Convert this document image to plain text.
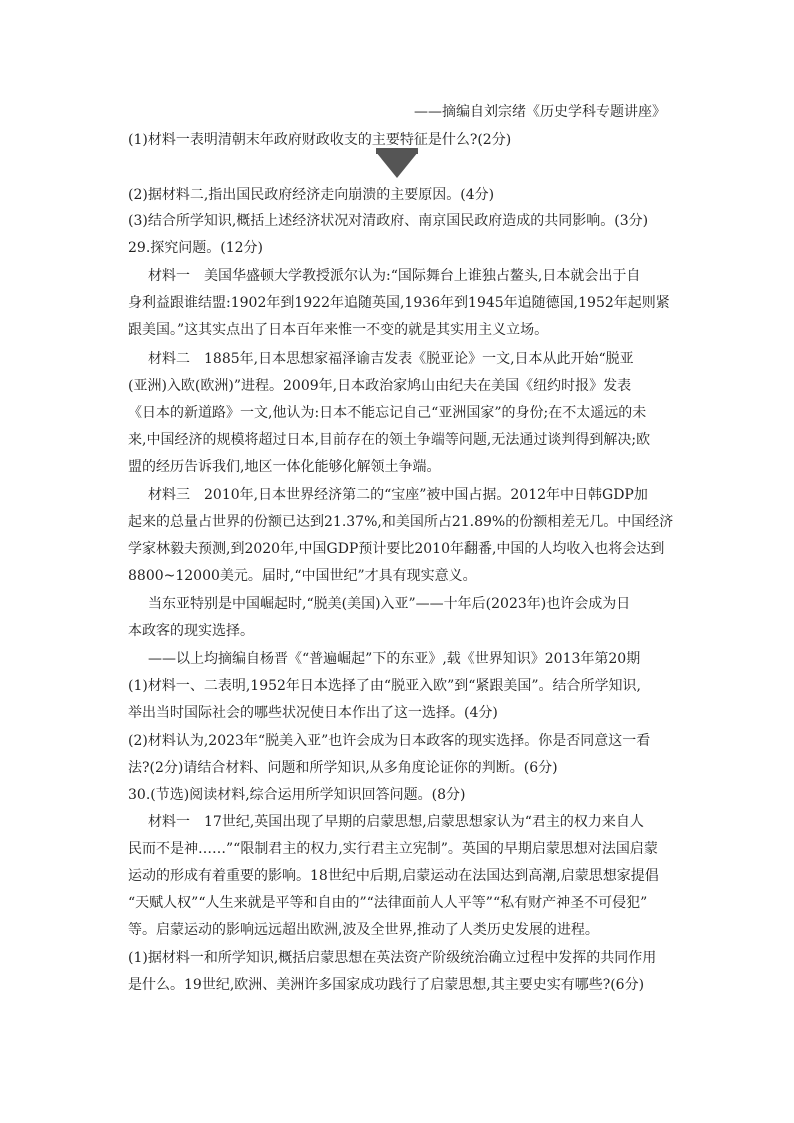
——摘编自刘宗绪《历史学科专题讲座》
(1)材料一表明清朝末年政府财政收支的主要特征是什么?(2分)
(2)据材料二,指出国民政府经济走向崩溃的主要原因。(4分)
(3)结合所学知识,概括上述经济状况对清政府、南京国民政府造成的共同影响。(3分)
29.探究问题。(12分)
材料一　美国华盛顿大学教授派尔认为:“国际舞台上谁独占鳌头,日本就会出于自
身利益跟谁结盟:1902年到1922年追随英国,1936年到1945年追随德国,1952年起则紧
跟美国。”这其实点出了日本百年来惟一不变的就是其实用主义立场。
材料二　1885年,日本思想家福泽谕吉发表《脱亚论》一文,日本从此开始“脱亚
(亚洲)入欧(欧洲)”进程。2009年,日本政治家鸠山由纪夫在美国《纽约时报》发表
《日本的新道路》一文,他认为:日本不能忘记自己“亚洲国家”的身份;在不太遥远的未
来,中国经济的规模将超过日本,目前存在的领土争端等问题,无法通过谈判得到解决;欧
盟的经历告诉我们,地区一体化能够化解领土争端。
材料三　2010年,日本世界经济第二的“宝座”被中国占据。2012年中日韩GDP加
起来的总量占世界的份额已达到21.37%,和美国所占21.89%的份额相差无几。中国经济
学家林毅夫预测,到2020年,中国GDP预计要比2010年翻番,中国的人均收入也将会达到
8800~12000美元。届时,“中国世纪”才具有现实意义。
当东亚特别是中国崛起时,“脱美(美国)入亚”——十年后(2023年)也许会成为日
本政客的现实选择。
——以上均摘编自杨晋《“普遍崛起”下的东亚》,载《世界知识》2013年第20期
(1)材料一、二表明,1952年日本选择了由“脱亚入欧”到“紧跟美国”。结合所学知识,
举出当时国际社会的哪些状况使日本作出了这一选择。(4分)
(2)材料认为,2023年“脱美入亚”也许会成为日本政客的现实选择。你是否同意这一看
法?(2分)请结合材料、问题和所学知识,从多角度论证你的判断。(6分)
30.(节选)阅读材料,综合运用所学知识回答问题。(8分)
材料一　17世纪,英国出现了早期的启蒙思想,启蒙思想家认为“君主的权力来自人
民而不是神……”“限制君主的权力,实行君主立宪制”。英国的早期启蒙思想对法国启蒙
运动的形成有着重要的影响。18世纪中后期,启蒙运动在法国达到高潮,启蒙思想家提倡
“天赋人权”“人生来就是平等和自由的”“法律面前人人平等”“私有财产神圣不可侵犯”
等。启蒙运动的影响远远超出欧洲,波及全世界,推动了人类历史发展的进程。
(1)据材料一和所学知识,概括启蒙思想在英法资产阶级统治确立过程中发挥的共同作用
是什么。19世纪,欧洲、美洲许多国家成功践行了启蒙思想,其主要史实有哪些?(6分)
